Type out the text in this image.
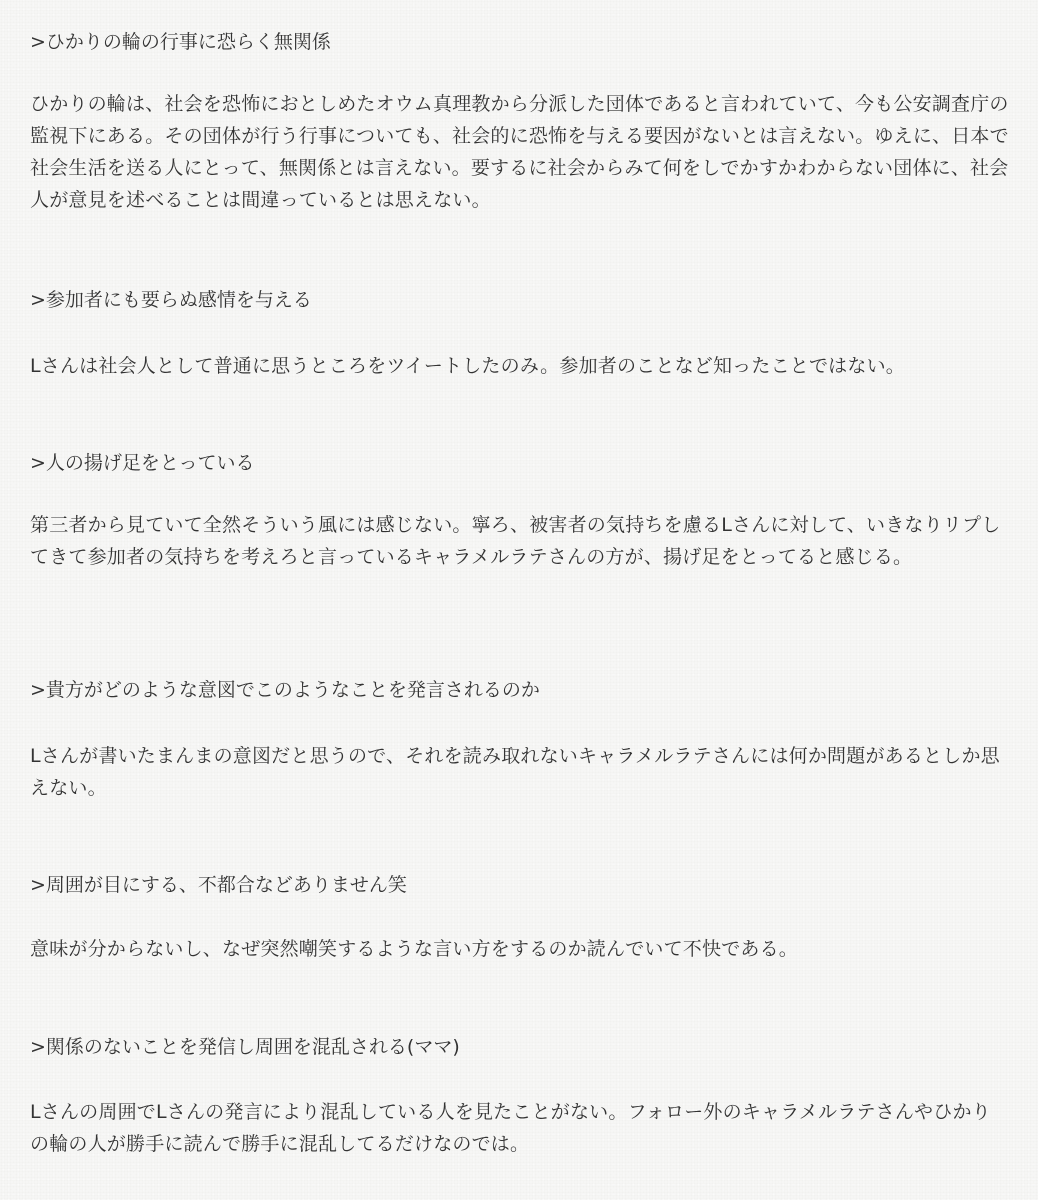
>ひかりの輪の行事に恐らく無関係

ひかりの輪は、社会を恐怖におとしめたオウム真理教から分派した団体であると言われていて、今も公安調査庁の監視下にある。その団体が行う行事についても、社会的に恐怖を与える要因がないとは言えない。ゆえに、日本で社会生活を送る人にとって、無関係とは言えない。要するに社会からみて何をしでかすかわからない団体に、社会人が意見を述べることは間違っているとは思えない。

>参加者にも要らぬ感情を与える

Lさんは社会人として普通に思うところをツイートしたのみ。参加者のことなど知ったことではない。

>人の揚げ足をとっている

第三者から見ていて全然そういう風には感じない。寧ろ、被害者の気持ちを慮るLさんに対して、いきなりリプしてきて参加者の気持ちを考えろと言っているキャラメルラテさんの方が、揚げ足をとってると感じる。

>貴方がどのような意図でこのようなことを発言されるのか

Lさんが書いたまんまの意図だと思うので、それを読み取れないキャラメルラテさんには何か問題があるとしか思えない。

>周囲が目にする、不都合などありません笑

意味が分からないし、なぜ突然嘲笑するような言い方をするのか読んでいて不快である。

>関係のないことを発信し周囲を混乱される(ママ)

Lさんの周囲でLさんの発言により混乱している人を見たことがない。フォロー外のキャラメルラテさんやひかりの輪の人が勝手に読んで勝手に混乱してるだけなのでは。
